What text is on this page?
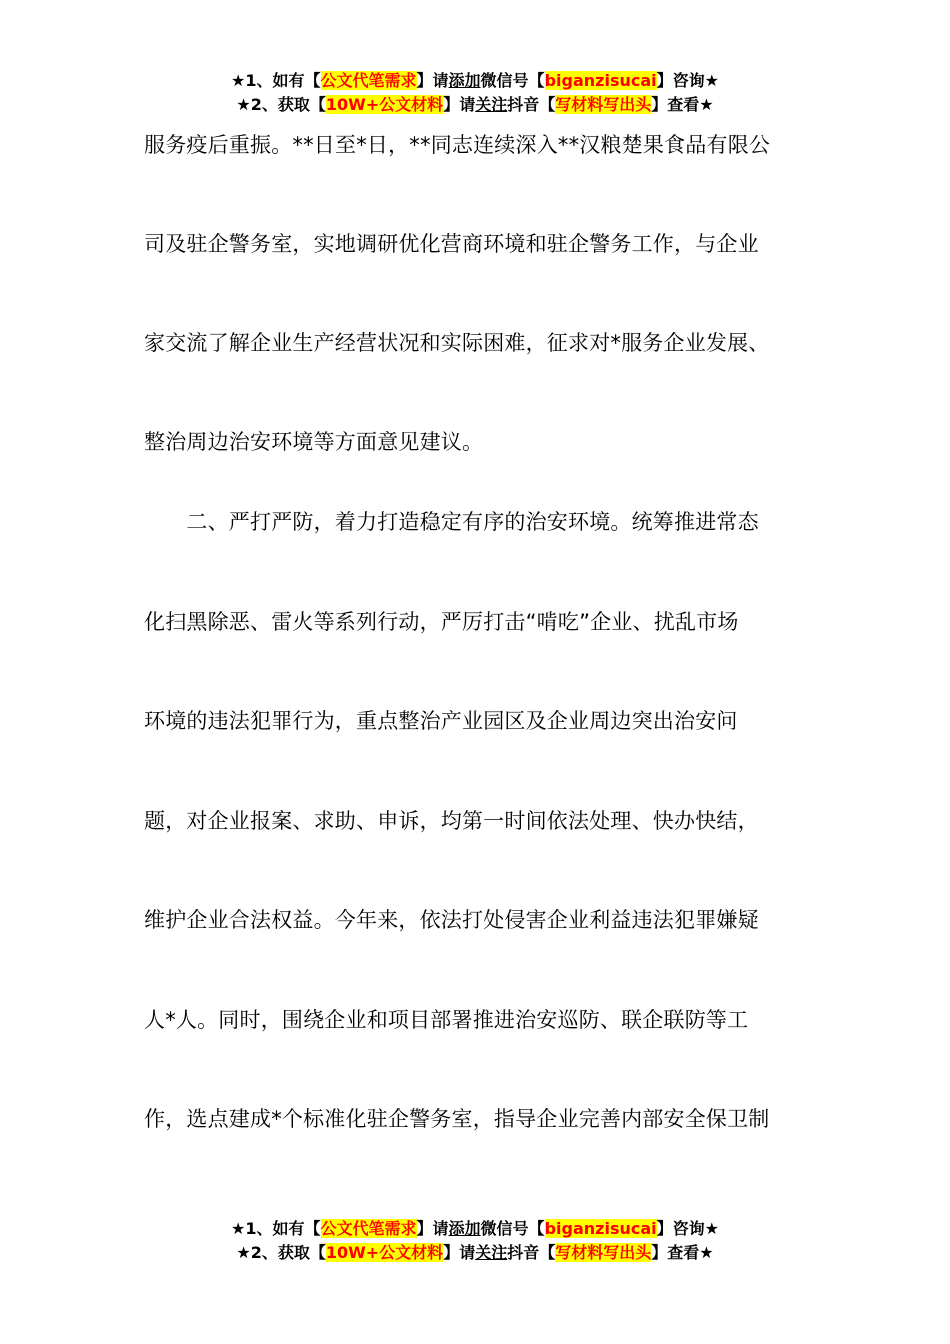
★1、如有【公文代笔需求】请添加微信号【biganzisucai】咨询★
★2、获取【10W+公文材料】请关注抖音【写材料写出头】查看★
服务疫后重振。**日至*日，**同志连续深入**汉粮楚果食品有限公
司及驻企警务室，实地调研优化营商环境和驻企警务工作，与企业
家交流了解企业生产经营状况和实际困难，征求对*服务企业发展、
整治周边治安环境等方面意见建议。
　　二、严打严防，着力打造稳定有序的治安环境。统筹推进常态
化扫黑除恶、雷火等系列行动，严厉打击“啃吃”企业、扰乱市场
环境的违法犯罪行为，重点整治产业园区及企业周边突出治安问
题，对企业报案、求助、申诉，均第一时间依法处理、快办快结，
维护企业合法权益。今年来，依法打处侵害企业利益违法犯罪嫌疑
人*人。同时，围绕企业和项目部署推进治安巡防、联企联防等工
作，选点建成*个标准化驻企警务室，指导企业完善内部安全保卫制
★1、如有【公文代笔需求】请添加微信号【biganzisucai】咨询★
★2、获取【10W+公文材料】请关注抖音【写材料写出头】查看★
